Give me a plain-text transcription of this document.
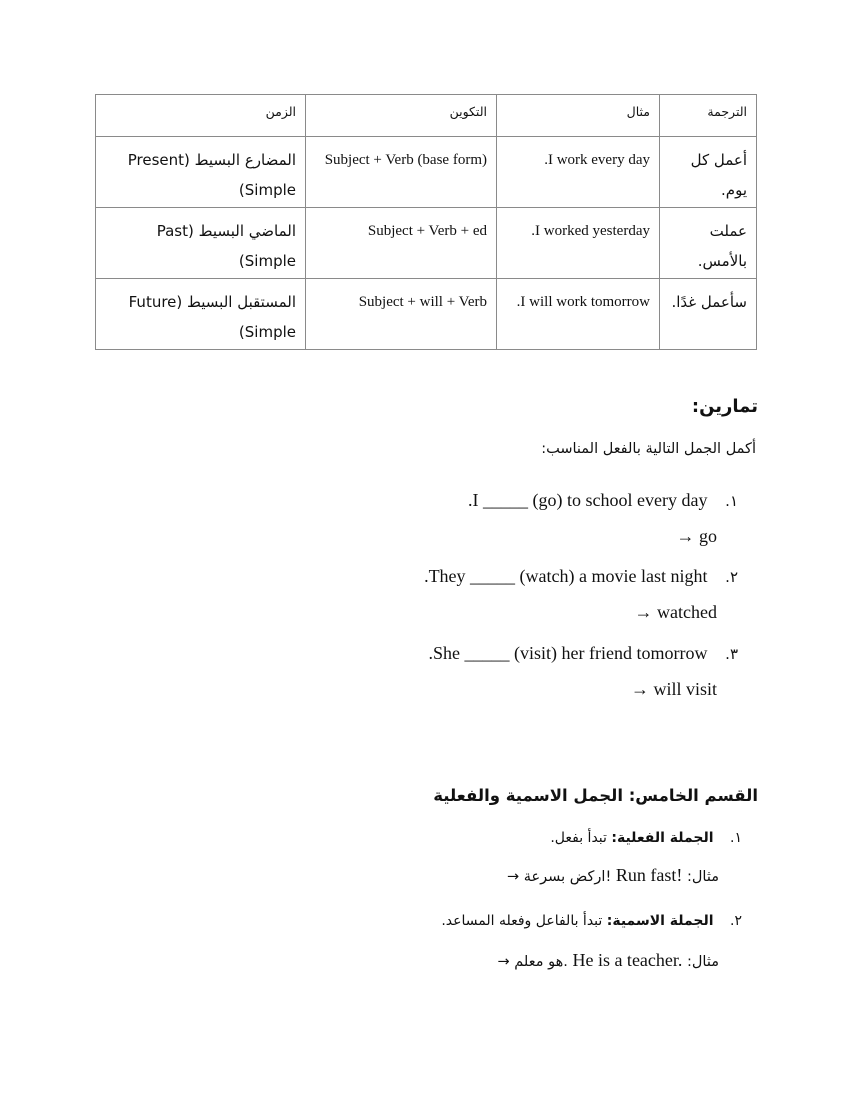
الترجمة	مثال	التكوين	الزمن
أعمل كل يوم.	I work every day.	Subject + Verb (base form)	المضارع البسيط (Present Simple)
عملت بالأمس.	I worked yesterday.	Subject + Verb + ed	الماضي البسيط (Past Simple)
سأعمل غدًا.	I will work tomorrow.	Subject + will + Verb	المستقبل البسيط (Future Simple)
تمارين:
أكمل الجمل التالية بالفعل المناسب:
١. I _____ (go) to school every day.
→ go
٢. They _____ (watch) a movie last night.
→ watched
٣. She _____ (visit) her friend tomorrow.
→ will visit
القسم الخامس: الجمل الاسمية والفعلية
١. الجملة الفعلية: تبدأ بفعل.
مثال: Run fast! → اركض بسرعة!
٢. الجملة الاسمية: تبدأ بالفاعل وفعله المساعد.
مثال: He is a teacher. → هو معلم.
